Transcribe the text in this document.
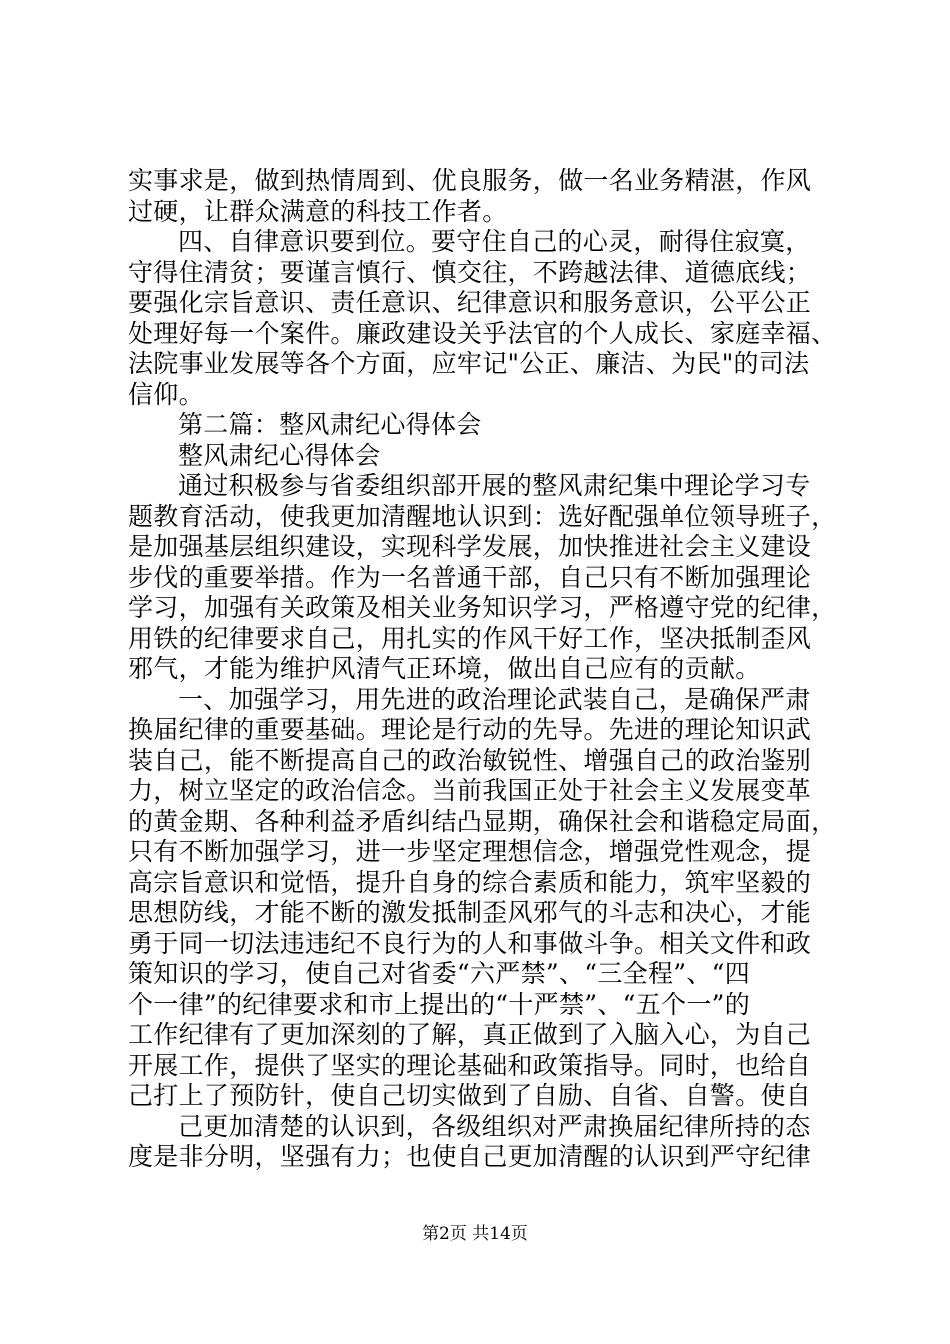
实事求是，做到热情周到、优良服务，做一名业务精湛，作风
过硬，让群众满意的科技工作者。
四、自律意识要到位。要守住自己的心灵，耐得住寂寞，
守得住清贫；要谨言慎行、慎交往，不跨越法律、道德底线；
要强化宗旨意识、责任意识、纪律意识和服务意识，公平公正
处理好每一个案件。廉政建设关乎法官的个人成长、家庭幸福、
法院事业发展等各个方面，应牢记"公正、廉洁、为民"的司法
信仰。
第二篇：整风肃纪心得体会
整风肃纪心得体会
通过积极参与省委组织部开展的整风肃纪集中理论学习专
题教育活动，使我更加清醒地认识到：选好配强单位领导班子，
是加强基层组织建设，实现科学发展，加快推进社会主义建设
步伐的重要举措。作为一名普通干部，自己只有不断加强理论
学习，加强有关政策及相关业务知识学习，严格遵守党的纪律，
用铁的纪律要求自己，用扎实的作风干好工作，坚决抵制歪风
邪气，才能为维护风清气正环境，做出自己应有的贡献。
一、加强学习，用先进的政治理论武装自己，是确保严肃
换届纪律的重要基础。理论是行动的先导。先进的理论知识武
装自己，能不断提高自己的政治敏锐性、增强自己的政治鉴别
力，树立坚定的政治信念。当前我国正处于社会主义发展变革
的黄金期、各种利益矛盾纠结凸显期，确保社会和谐稳定局面，
只有不断加强学习，进一步坚定理想信念，增强党性观念，提
高宗旨意识和觉悟，提升自身的综合素质和能力，筑牢坚毅的
思想防线，才能不断的激发抵制歪风邪气的斗志和决心，才能
勇于同一切法违违纪不良行为的人和事做斗争。相关文件和政
策知识的学习，使自己对省委“六严禁”、“三全程”、“四
个一律”的纪律要求和市上提出的“十严禁”、“五个一”的
工作纪律有了更加深刻的了解，真正做到了入脑入心，为自己
开展工作，提供了坚实的理论基础和政策指导。同时，也给自
己打上了预防针，使自己切实做到了自励、自省、自警。使自
己更加清楚的认识到，各级组织对严肃换届纪律所持的态
度是非分明，坚强有力；也使自己更加清醒的认识到严守纪律
第2页 共14页
